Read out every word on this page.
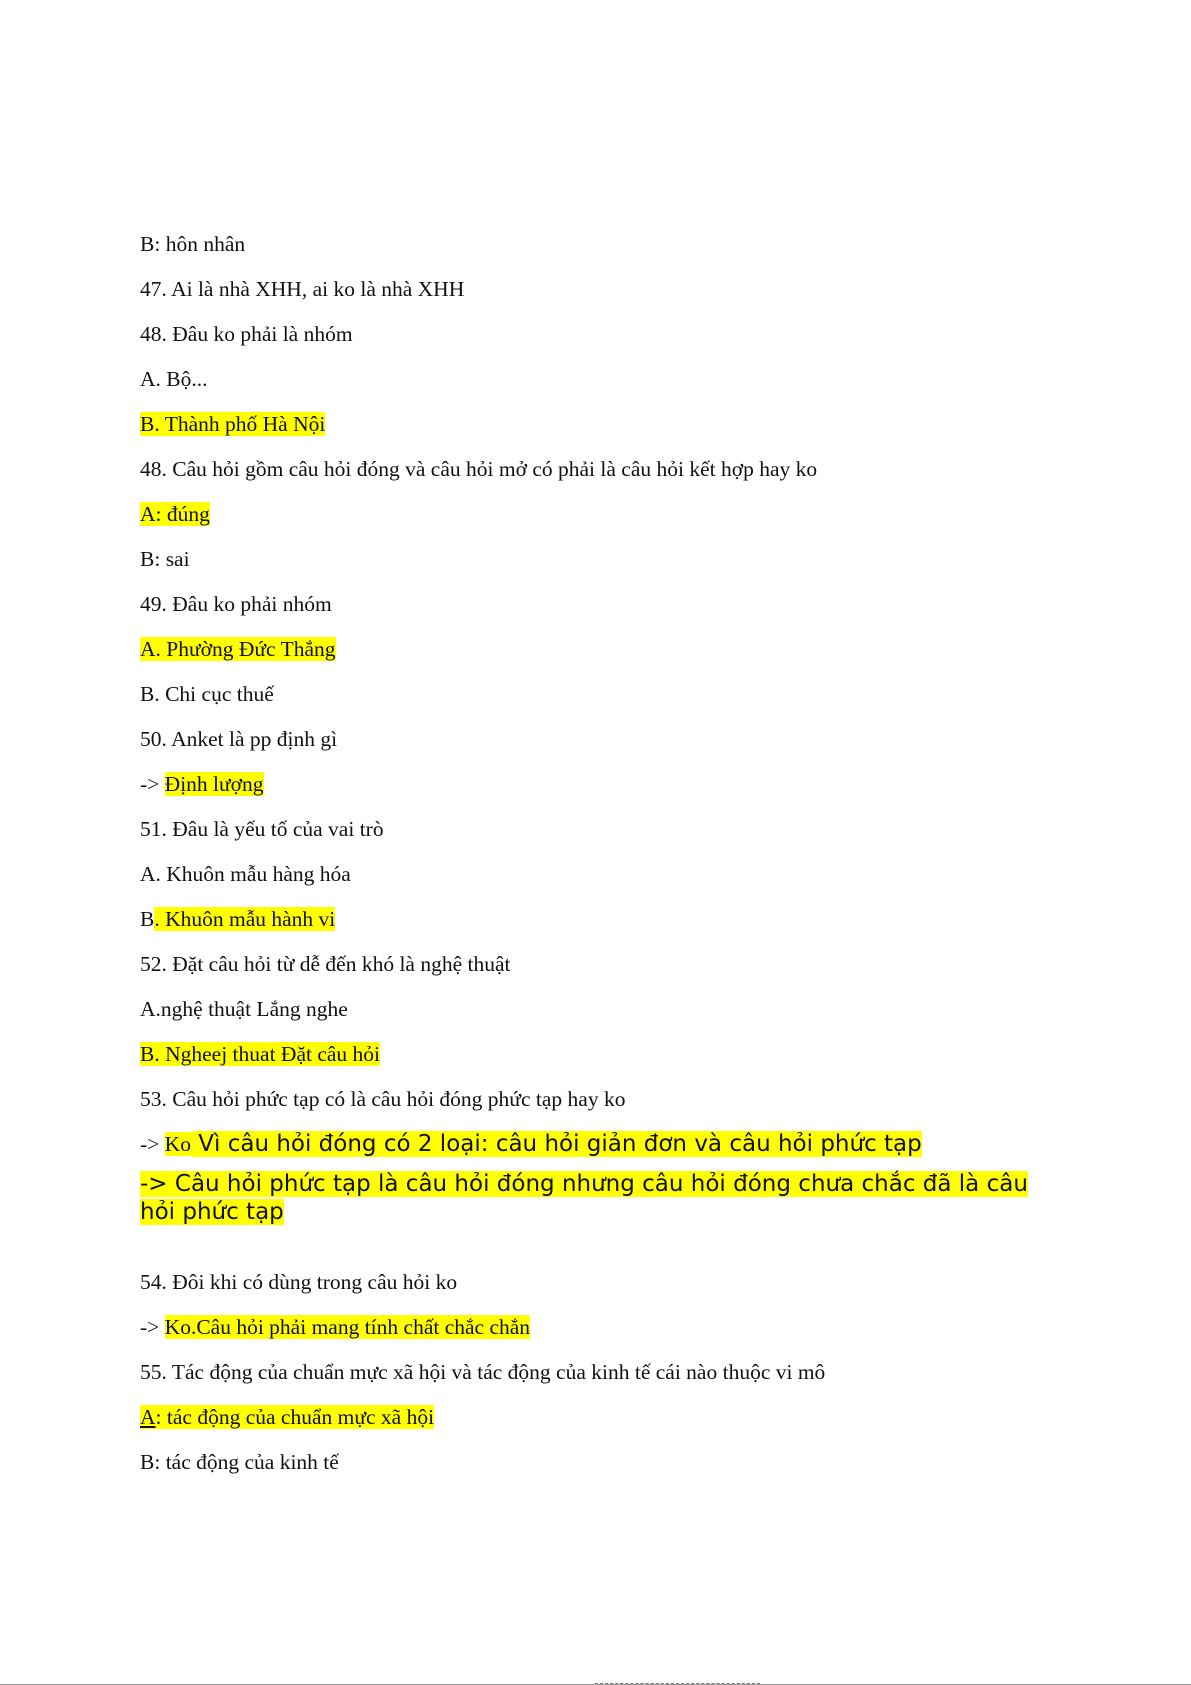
B: hôn nhân

47. Ai là nhà XHH, ai ko là nhà XHH

48. Đâu ko phải là nhóm

A. Bộ...

B. Thành phố Hà Nội

48. Câu hỏi gồm câu hỏi đóng và câu hỏi mở có phải là câu hỏi kết hợp hay ko

A: đúng

B: sai

49. Đâu ko phải nhóm

A. Phường Đức Thắng

B. Chi cục thuế

50. Anket là pp định gì

-> Định lượng

51. Đâu là yếu tố của vai trò

A. Khuôn mẫu hàng hóa

B. Khuôn mẫu hành vi

52. Đặt câu hỏi từ dễ đến khó là nghệ thuật

A.nghệ thuật Lắng nghe

B. Ngheej thuat Đặt câu hỏi

53. Câu hỏi phức tạp có là câu hỏi đóng phức tạp hay ko

-> Ko Vì câu hỏi đóng có 2 loại: câu hỏi giản đơn và câu hỏi phức tạp

-> Câu hỏi phức tạp là câu hỏi đóng nhưng câu hỏi đóng chưa chắc đã là câu hỏi phức tạp

54. Đôi khi có dùng trong câu hỏi ko

-> Ko.Câu hỏi phải mang tính chất chắc chắn

55. Tác động của chuẩn mực xã hội và tác động của kinh tế cái nào thuộc vi mô

A: tác động của chuẩn mực xã hội

B: tác động của kinh tế
